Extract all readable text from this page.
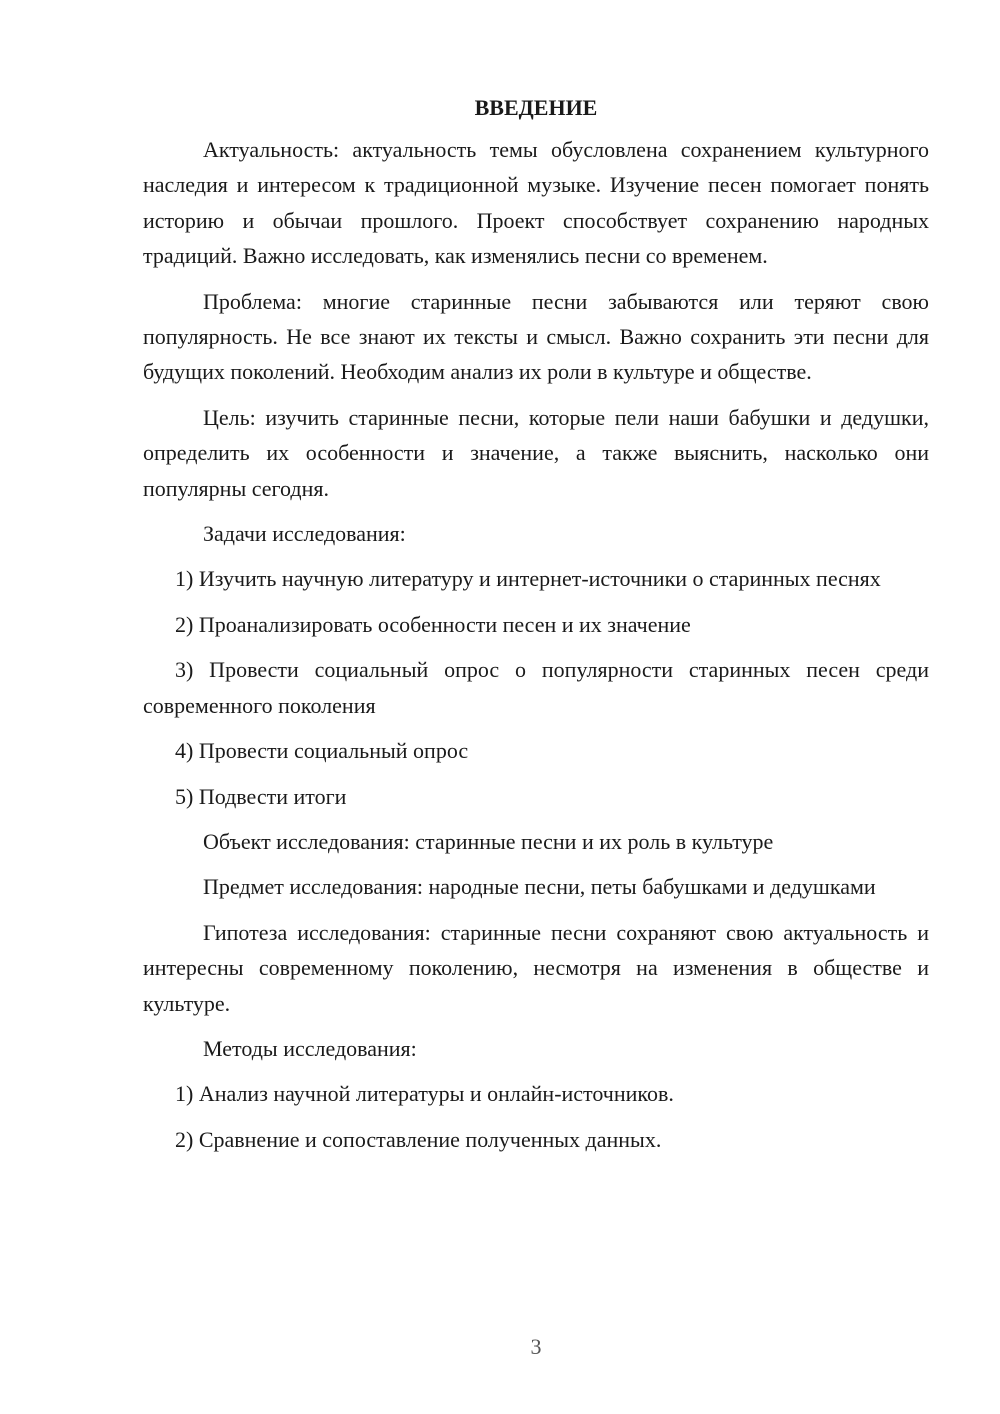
ВВЕДЕНИЕ

Актуальность: актуальность темы обусловлена сохранением культурного наследия и интересом к традиционной музыке. Изучение песен помогает понять историю и обычаи прошлого. Проект способствует сохранению народных традиций. Важно исследовать, как изменялись песни со временем.

Проблема: многие старинные песни забываются или теряют свою популярность. Не все знают их тексты и смысл. Важно сохранить эти песни для будущих поколений. Необходим анализ их роли в культуре и обществе.

Цель: изучить старинные песни, которые пели наши бабушки и дедушки, определить их особенности и значение, а также выяснить, насколько они популярны сегодня.

Задачи исследования:

1) Изучить научную литературу и интернет-источники о старинных песнях

2) Проанализировать особенности песен и их значение

3) Провести социальный опрос о популярности старинных песен среди современного поколения

4) Провести социальный опрос

5) Подвести итоги

Объект исследования: старинные песни и их роль в культуре

Предмет исследования: народные песни, петы бабушками и дедушками

Гипотеза исследования: старинные песни сохраняют свою актуальность и интересны современному поколению, несмотря на изменения в обществе и культуре.

Методы исследования:

1) Анализ научной литературы и онлайн-источников.

2) Сравнение и сопоставление полученных данных.

3
